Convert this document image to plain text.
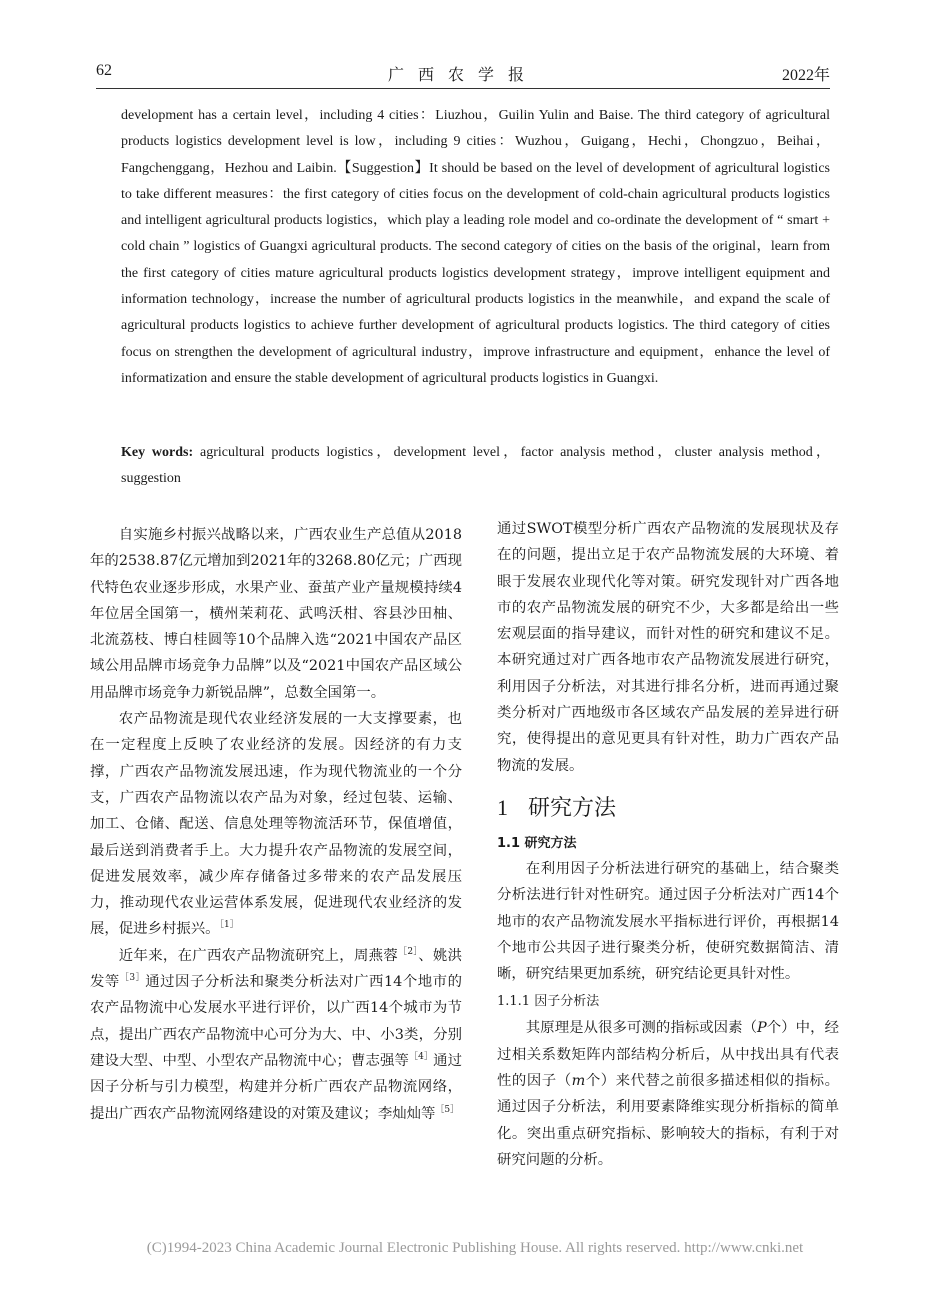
62	广西农学报	2022年

development has a certain level，including 4 cities：Liuzhou，Guilin Yulin and Baise. The third category of agricultural products logistics development level is low，including 9 cities：Wuzhou，Guigang，Hechi，Chongzuo，Beihai，Fangchenggang，Hezhou and Laibin.【Suggestion】It should be based on the level of development of agricultural logistics to take different measures：the first category of cities focus on the development of cold-chain agricultural products logistics and intelligent agricultural products logistics，which play a leading role model and co-ordinate the development of “ smart + cold chain ” logistics of Guangxi agricultural products. The second category of cities on the basis of the original，learn from the first category of cities mature agricultural products logistics development strategy，improve intelligent equipment and information technology，increase the number of agricultural products logistics in the meanwhile，and expand the scale of agricultural products logistics to achieve further development of agricultural products logistics. The third category of cities focus on strengthen the development of agricultural industry，improve infrastructure and equipment，enhance the level of informatization and ensure the stable development of agricultural products logistics in Guangxi.

Key words: agricultural products logistics，development level，factor analysis method，cluster analysis method，suggestion

自实施乡村振兴战略以来，广西农业生产总值从2018年的2538.87亿元增加到2021年的3268.80亿元；广西现代特色农业逐步形成，水果产业、蚕茧产业产量规模持续4年位居全国第一，横州茉莉花、武鸣沃柑、容县沙田柚、北流荔枝、博白桂圆等10个品牌入选“2021中国农产品区域公用品牌市场竞争力品牌”以及“2021中国农产品区域公用品牌市场竞争力新锐品牌”，总数全国第一。

农产品物流是现代农业经济发展的一大支撑要素，也在一定程度上反映了农业经济的发展。因经济的有力支撑，广西农产品物流发展迅速，作为现代物流业的一个分支，广西农产品物流以农产品为对象，经过包装、运输、加工、仓储、配送、信息处理等物流活环节，保值增值，最后送到消费者手上。大力提升农产品物流的发展空间，促进发展效率，减少库存储备过多带来的农产品发展压力，推动现代农业运营体系发展，促进现代农业经济的发展，促进乡村振兴。$^{[1]}$

近年来，在广西农产品物流研究上，周燕蓉$^{[2]}$、姚洪发等$^{[3]}$通过因子分析法和聚类分析法对广西14个地市的农产品物流中心发展水平进行评价，以广西14个城市为节点，提出广西农产品物流中心可分为大、中、小3类，分别建设大型、中型、小型农产品物流中心；曹志强等$^{[4]}$通过因子分析与引力模型，构建并分析广西农产品物流网络，提出广西农产品物流网络建设的对策及建议；李灿灿等$^{[5]}$

通过SWOT模型分析广西农产品物流的发展现状及存在的问题，提出立足于农产品物流发展的大环境、着眼于发展农业现代化等对策。研究发现针对广西各地市的农产品物流发展的研究不少，大多都是给出一些宏观层面的指导建议，而针对性的研究和建议不足。本研究通过对广西各地市农产品物流发展进行研究，利用因子分析法，对其进行排名分析，进而再通过聚类分析对广西地级市各区域农产品发展的差异进行研究，使得提出的意见更具有针对性，助力广西农产品物流的发展。

1 研究方法
1.1 研究方法

在利用因子分析法进行研究的基础上，结合聚类分析法进行针对性研究。通过因子分析法对广西14个地市的农产品物流发展水平指标进行评价，再根据14个地市公共因子进行聚类分析，使研究数据简洁、清晰，研究结果更加系统，研究结论更具针对性。

1.1.1 因子分析法

其原理是从很多可测的指标或因素（P个）中，经过相关系数矩阵内部结构分析后，从中找出具有代表性的因子（m个）来代替之前很多描述相似的指标。通过因子分析法，利用要素降维实现分析指标的简单化。突出重点研究指标、影响较大的指标，有利于对研究问题的分析。

(C)1994-2023 China Academic Journal Electronic Publishing House. All rights reserved. http://www.cnki.net
